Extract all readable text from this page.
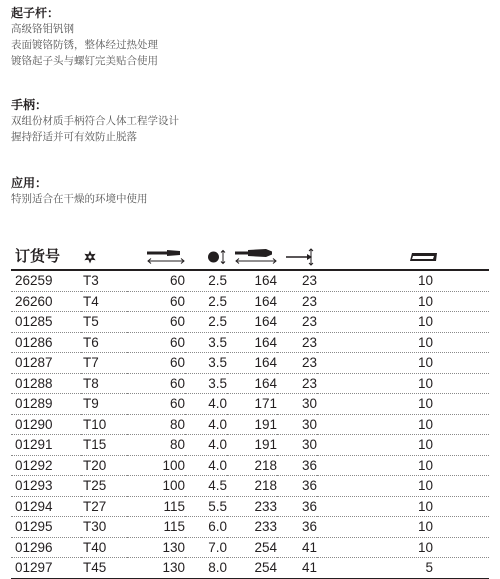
起子杆：

高级铬钼钒钢

表面镀铬防锈，整体经过热处理

镀铬起子头与螺钉完美贴合使用

手柄：

双组份材质手柄符合人体工程学设计

握持舒适并可有效防止脱落

应用：

特别适合在干燥的环境中使用

订货号						
26259	T3	60	2.5	164	23	10
26260	T4	60	2.5	164	23	10
01285	T5	60	2.5	164	23	10
01286	T6	60	3.5	164	23	10
01287	T7	60	3.5	164	23	10
01288	T8	60	3.5	164	23	10
01289	T9	60	4.0	171	30	10
01290	T10	80	4.0	191	30	10
01291	T15	80	4.0	191	30	10
01292	T20	100	4.0	218	36	10
01293	T25	100	4.5	218	36	10
01294	T27	115	5.5	233	36	10
01295	T30	115	6.0	233	36	10
01296	T40	130	7.0	254	41	10
01297	T45	130	8.0	254	41	5
